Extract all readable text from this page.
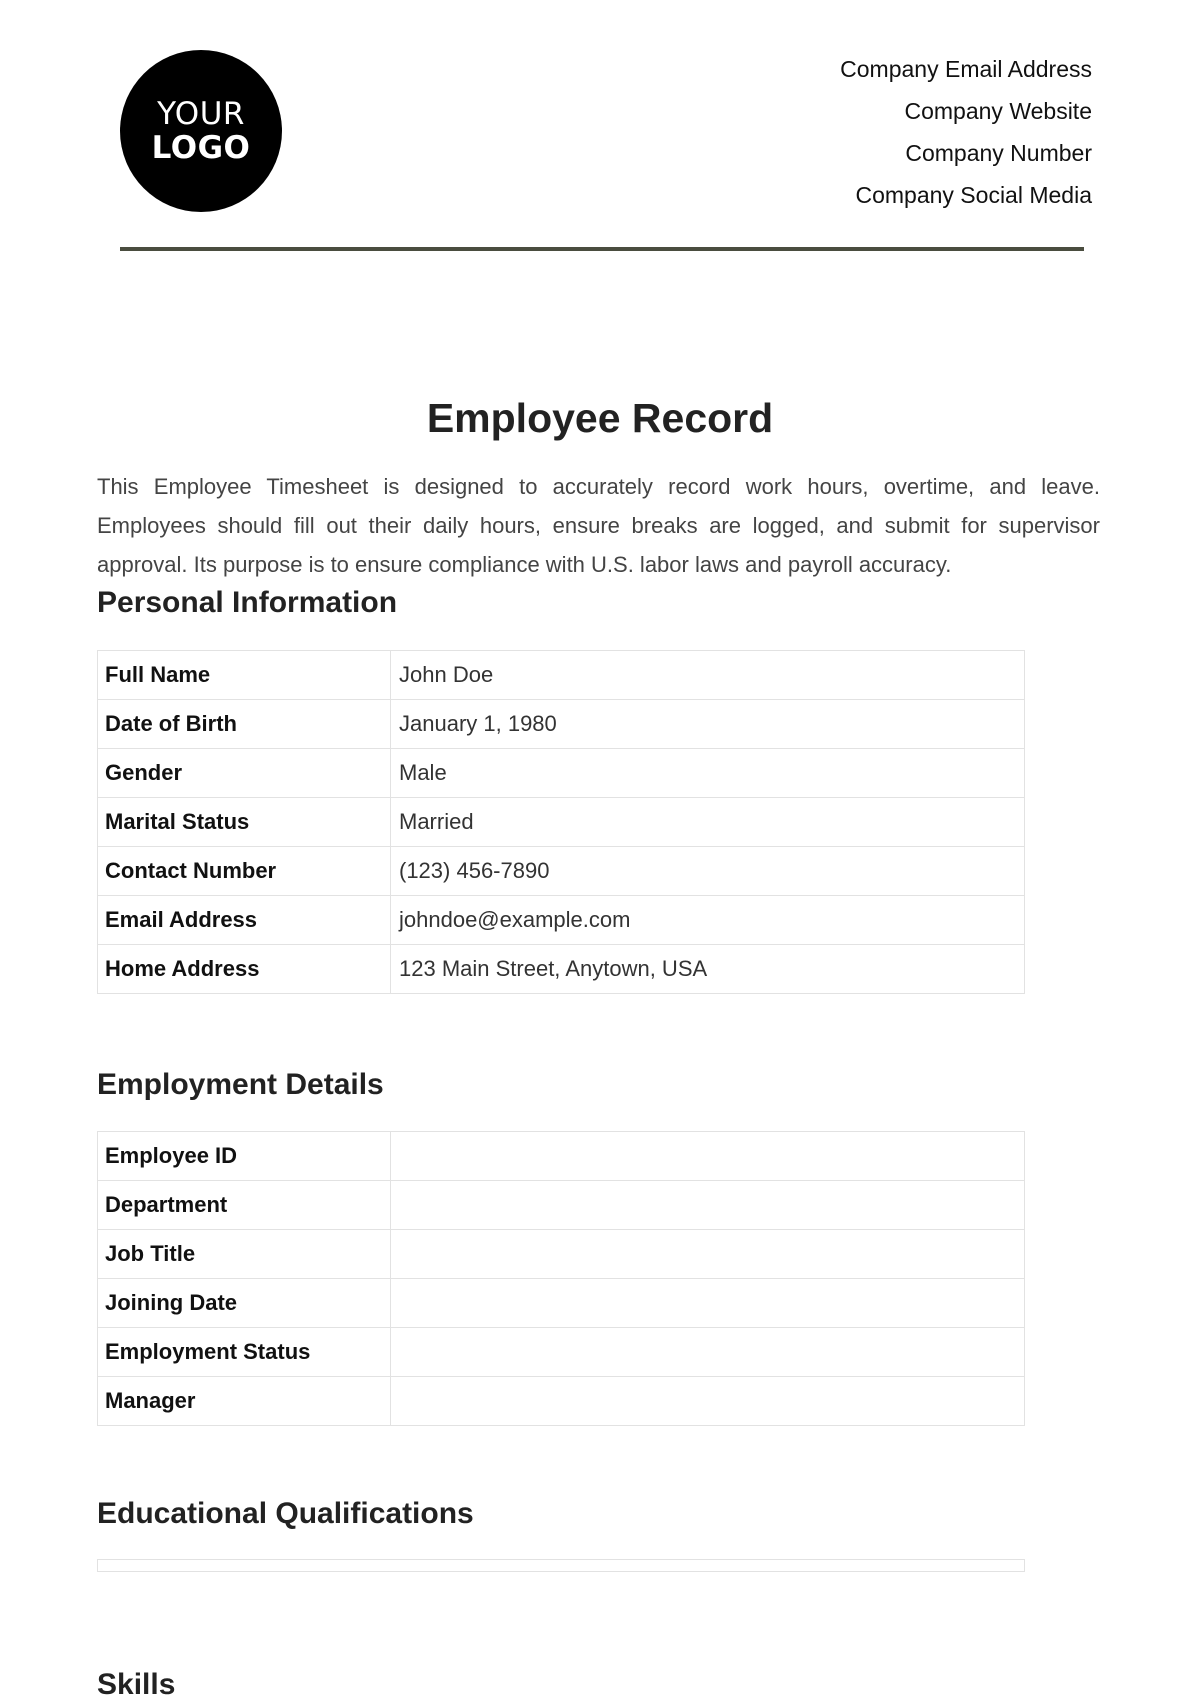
YOUR
LOGO
Company Email Address
Company Website
Company Number
Company Social Media
Employee Record

This Employee Timesheet is designed to accurately record work hours, overtime, and leave. Employees should fill out their daily hours, ensure breaks are logged, and submit for supervisor approval. Its purpose is to ensure compliance with U.S. labor laws and payroll accuracy.

Personal Information
Full Name	John Doe
Date of Birth	January 1, 1980
Gender	Male
Marital Status	Married
Contact Number	(123) 456-7890
Email Address	johndoe@example.com
Home Address	123 Main Street, Anytown, USA
Employment Details
Employee ID	
Department	
Job Title	
Joining Date	
Employment Status	
Manager	
Educational Qualifications
Skills
